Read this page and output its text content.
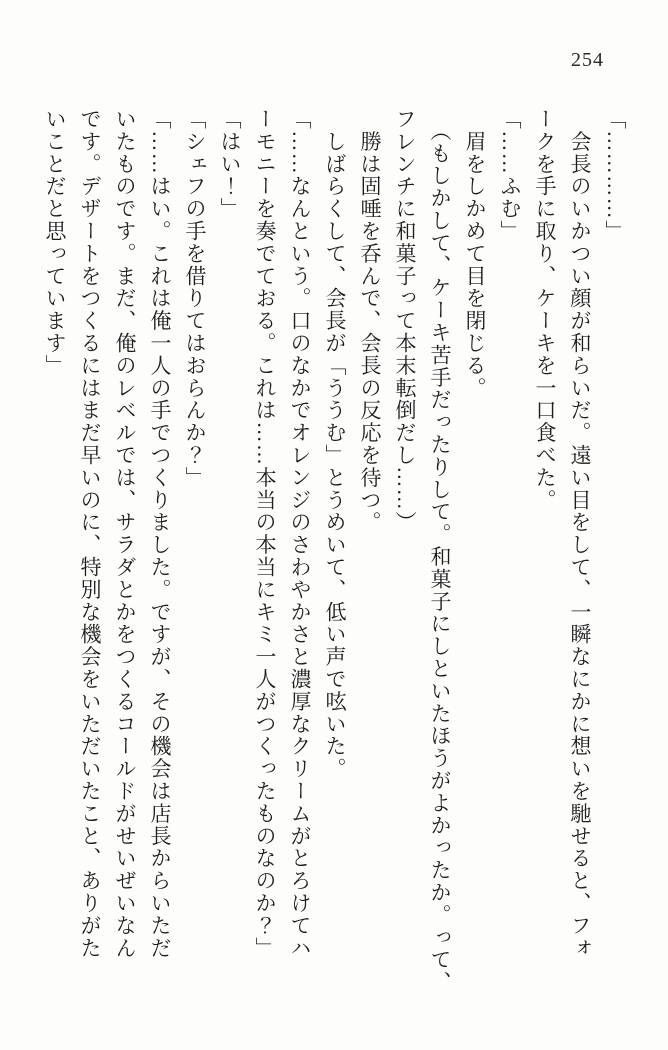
254
「…………」
　会長のいかつい顔が和らいだ。遠い目をして、一瞬なにかに想いを馳せると、フォ
ークを手に取り、ケーキを一口食べた。
「……ふむ」
　眉をしかめて目を閉じる。
　（もしかして、ケーキ苦手だったりして。和菓子にしといたほうがよかったか。って、
フレンチに和菓子って本末転倒だし……）
　勝は固唾を呑んで、会長の反応を待つ。
　しばらくして、会長が「ううむ」とうめいて、低い声で呟いた。
「……なんという。口のなかでオレンジのさわやかさと濃厚なクリームがとろけてハ
ーモニーを奏でておる。これは……本当の本当にキミ一人がつくったものなのか？」
「はい！」
「シェフの手を借りてはおらんか？」
「……はい。これは俺一人の手でつくりました。ですが、その機会は店長からいただ
いたものです。まだ、俺のレベルでは、サラダとかをつくるコールドがせいぜいなん
です。デザートをつくるにはまだ早いのに、特別な機会をいただいたこと、ありがた
いことだと思っています」
